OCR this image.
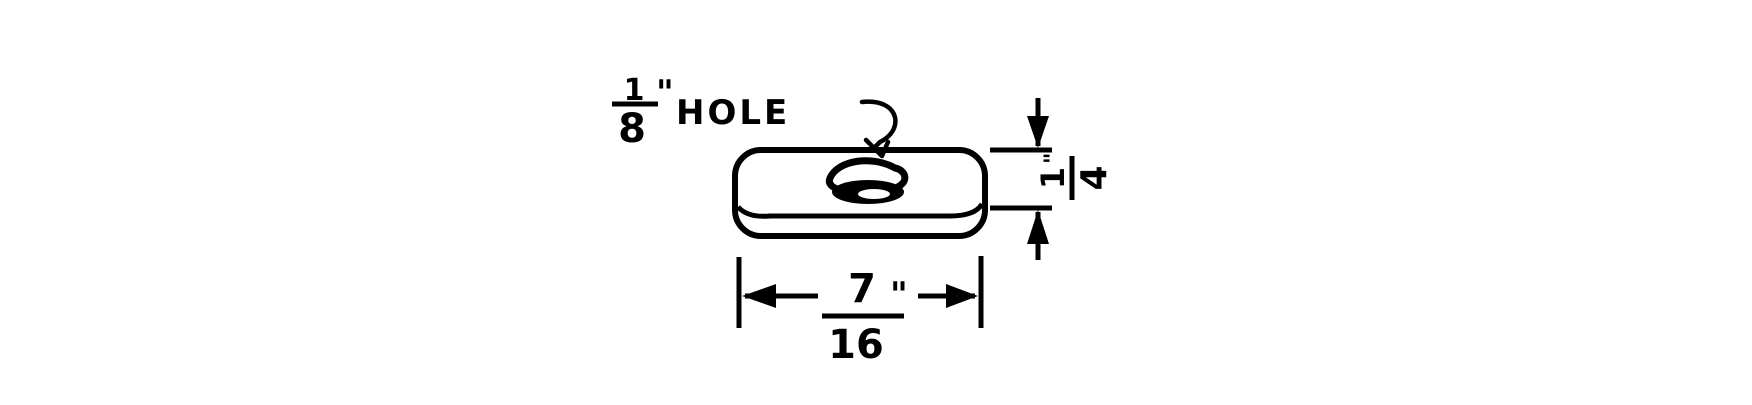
1
8
" HOLE
7 "
16
1 4
"
